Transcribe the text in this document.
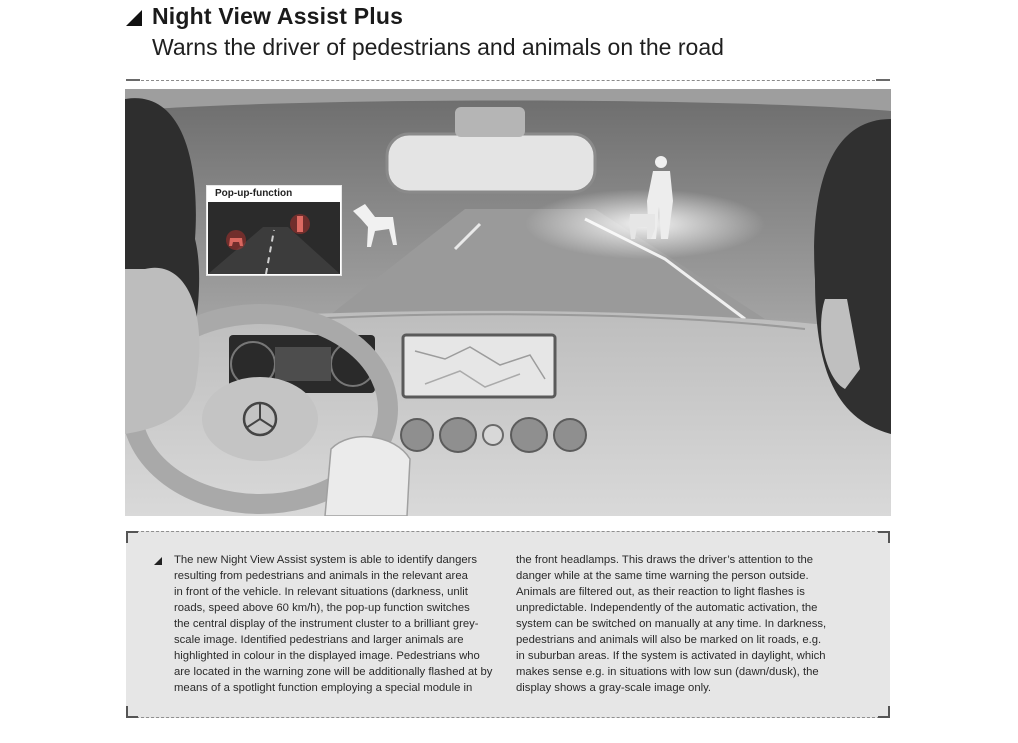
Night View Assist Plus
Warns the driver of pedestrians and animals on the road
Pop-up-function
The new Night View Assist system is able to identify dangers
resulting from pedestrians and animals in the relevant area
in front of the vehicle. In relevant situations (darkness, unlit
roads, speed above 60 km/h), the pop-up function switches
the central display of the instrument cluster to a brilliant grey-
scale image. Identified pedestrians and larger animals are
highlighted in colour in the displayed image. Pedestrians who
are located in the warning zone will be additionally flashed at by
means of a spotlight function employing a special module in
the front headlamps. This draws the driver’s attention to the
danger while at the same time warning the person outside.
Animals are filtered out, as their reaction to light flashes is
unpredictable. Independently of the automatic activation, the
system can be switched on manually at any time. In darkness,
pedestrians and animals will also be marked on lit roads, e.g.
in suburban areas. If the system is activated in daylight, which
makes sense e.g. in situations with low sun (dawn/dusk), the
display shows a gray-scale image only.
